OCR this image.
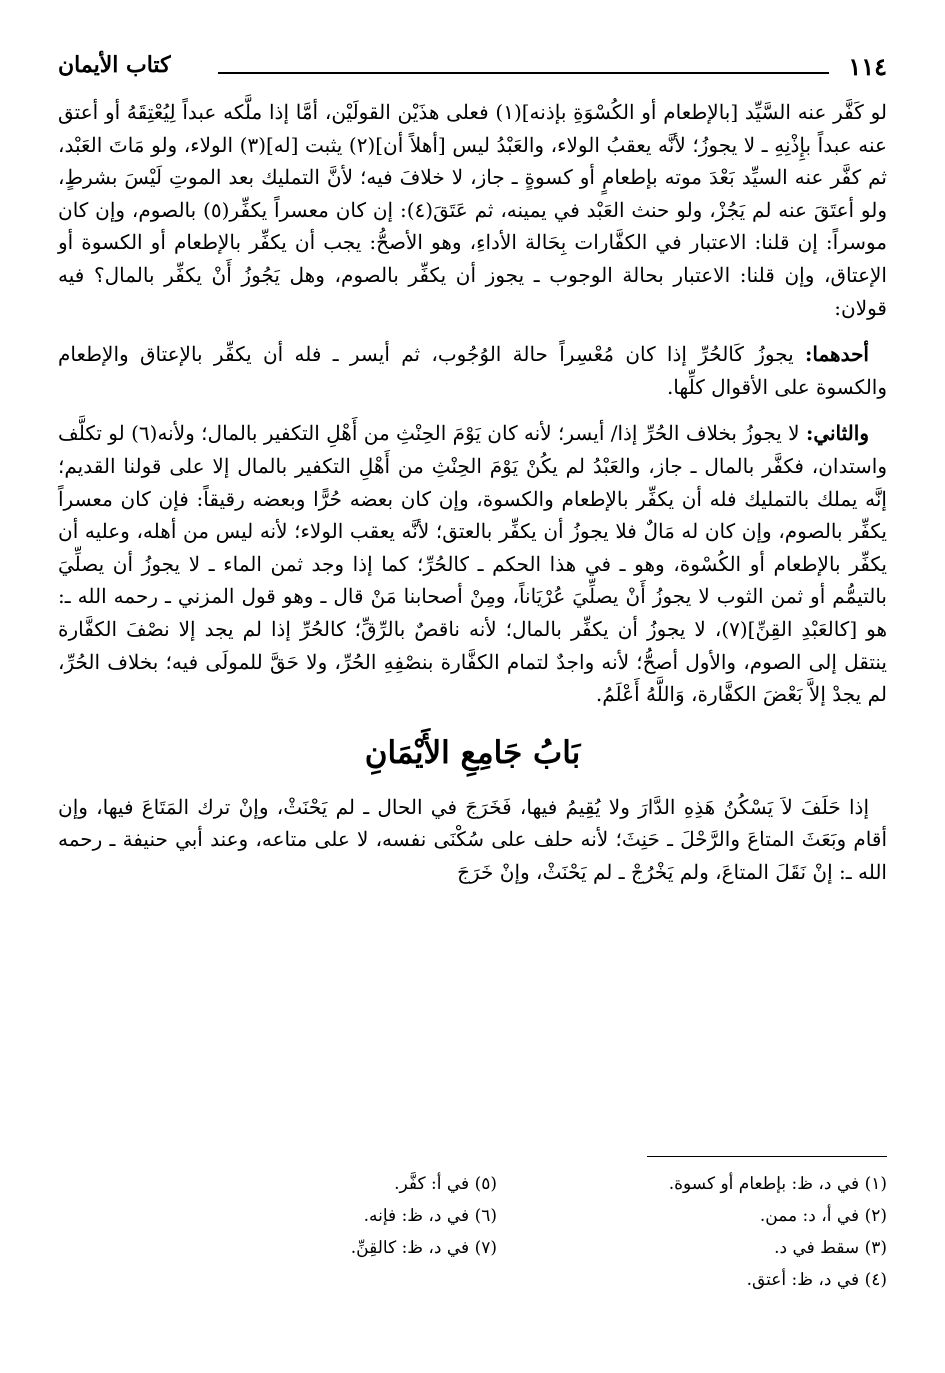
١١٤
كتاب الأيمان

لو كَفَّر عنه السَّيِّد [بالإطعام أو الكُسْوَةِ بإذنه](١) فعلى هذَيْن القولَيْن، أمَّا إذا ملَّكه عبداً لِيُعْتِقَهُ أو أعتق عنه عبداً بإِذْنِهِ ـ لا يجوزُ؛ لأنَّه يعقبُ الولاء، والعَبْدُ ليس [أهلاً أن](٢) يثبت [له](٣) الولاء، ولو مَاتَ العَبْد، ثم كفَّر عنه السيِّد بَعْدَ موته بإطعامٍ أو كسوةٍ ـ جاز، لا خلافَ فيه؛ لأنَّ التمليك بعد الموتِ لَيْسَ بشرطٍ، ولو أعتَقَ عنه لم يَجُزْ، ولو حنث العَبْد في يمينه، ثم عَتَقَ(٤): إن كان معسراً يكفِّر(٥) بالصوم، وإن كان موسراً: إن قلنا: الاعتبار في الكفَّارات بِحَالة الأداءِ، وهو الأصحُّ: يجب أن يكفِّر بالإطعام أو الكسوة أو الإعتاق، وإن قلنا: الاعتبار بحالة الوجوب ـ يجوز أن يكفِّر بالصوم، وهل يَجُوزُ أَنْ يكفِّر بالمال؟ فيه قولان:

أحدهما: يجوزُ كَالحُرِّ إذا كان مُعْسِراً حالة الوُجُوب، ثم أيسر ـ فله أن يكفِّر بالإعتاق والإطعام والكسوة على الأقوال كلِّها.

والثاني: لا يجوزُ بخلاف الحُرِّ إذا/ أيسر؛ لأنه كان يَوْمَ الحِنْثِ من أَهْلِ التكفير بالمال؛ ولأنه(٦) لو تكلَّف واستدان، فكفَّر بالمال ـ جاز، والعَبْدُ لم يكُنْ يَوْمَ الحِنْثِ من أَهْلِ التكفير بالمال إلا على قولنا القديم؛ إنَّه يملك بالتمليك فله أن يكفِّر بالإطعام والكسوة، وإن كان بعضه حُرًّا وبعضه رقيقاً: فإن كان معسراً يكفِّر بالصوم، وإن كان له مَالٌ فلا يجوزُ أن يكفِّر بالعتق؛ لأنَّه يعقب الولاء؛ لأنه ليس من أهله، وعليه أن يكفِّر بالإطعام أو الكُسْوة، وهو ـ في هذا الحكم ـ كالحُرِّ؛ كما إذا وجد ثمن الماء ـ لا يجوزُ أن يصلِّيَ بالتيمُّم أو ثمن الثوب لا يجوزُ أَنْ يصلِّيَ عُرْيَاناً، ومِنْ أصحابنا مَنْ قال ـ وهو قول المزني ـ رحمه الله ـ: هو [كالعَبْدِ القِنِّ](٧)، لا يجوزُ أن يكفِّر بالمال؛ لأنه ناقصٌ بالرِّقِّ؛ كالحُرِّ إذا لم يجد إلا نصْفَ الكفَّارة ينتقل إلى الصوم، والأول أصحُّ؛ لأنه واجدٌ لتمام الكفَّارة بنصْفِهِ الحُرِّ، ولا حَقَّ للمولَى فيه؛ بخلاف الحُرِّ، لم يجدْ إلاَّ بَعْضَ الكفَّارة، وَاللَّهُ أَعْلَمُ.

بَابُ جَامِعِ الأَيْمَانِ

إذا حَلَفَ لاَ يَسْكُنُ هَذِهِ الدَّارَ ولا يُقِيمُ فيها، فَخَرَجَ في الحال ـ لم يَحْنَثْ، وإنْ ترك المَتَاعَ فيها، وإن أقام وبَعَثَ المتاعَ والرَّحْلَ ـ حَنِثَ؛ لأنه حلف على سُكْنَى نفسه، لا على متاعه، وعند أبي حنيفة ـ رحمه الله ـ: إنْ نَقَلَ المتاعَ، ولم يَخْرُجْ ـ لم يَحْنَثْ، وإنْ خَرَجَ

(١) في د، ظ: بإطعام أو كسوة.
(٢) في أ، د: ممن.
(٣) سقط في د.
(٤) في د، ظ: أعتق.
(٥) في أ: كفَّر.
(٦) في د، ظ: فإنه.
(٧) في د، ظ: كالقِنِّ.
